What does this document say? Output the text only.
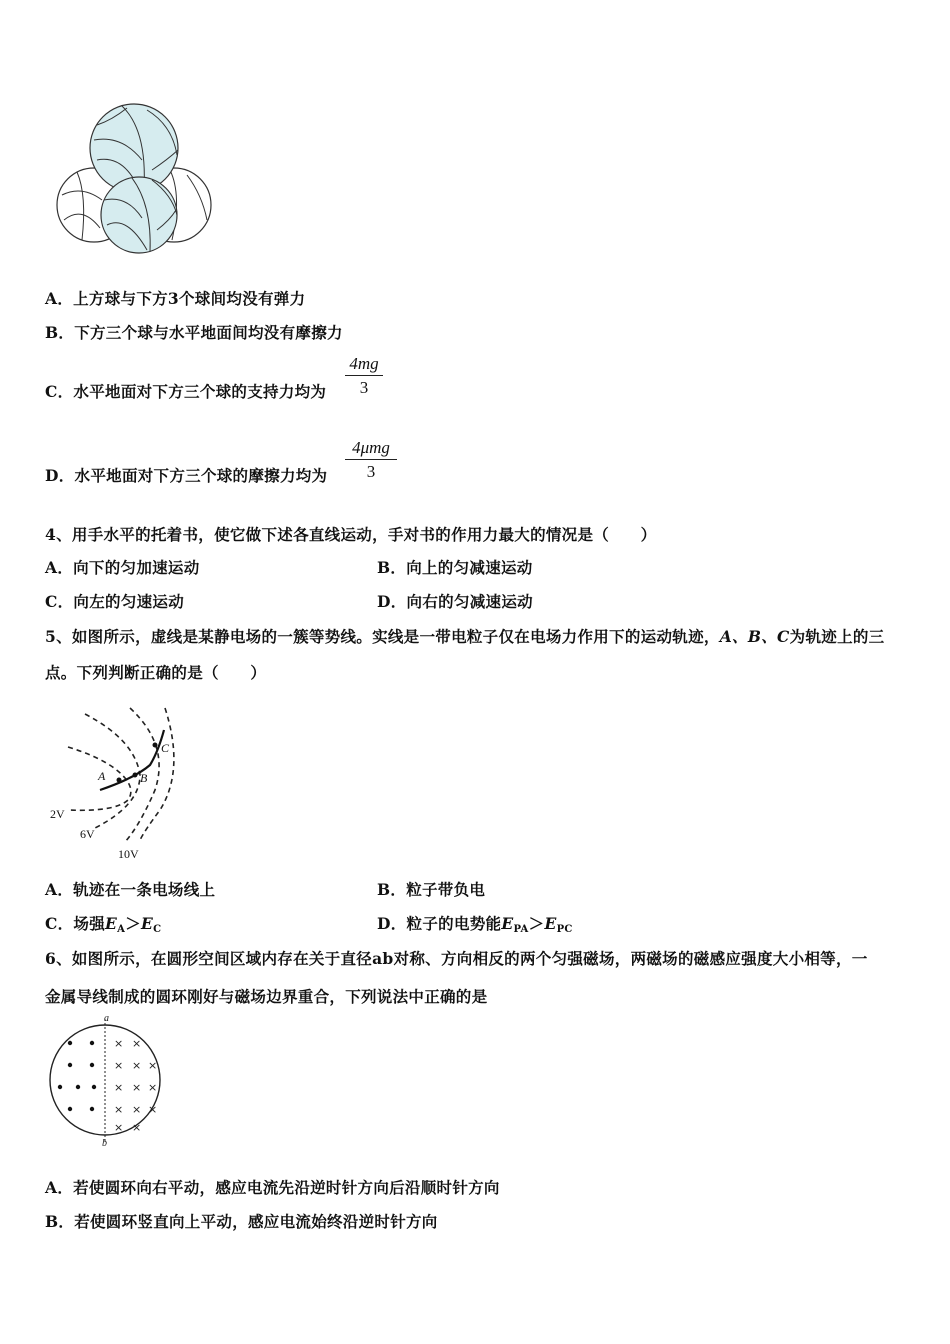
A．上方球与下方3个球间均没有弹力
B．下方三个球与水平地面间均没有摩擦力
C．水平地面对下方三个球的支持力均为 $\frac{4mg}{3}$
D．水平地面对下方三个球的摩擦力均为
4μmg
3
4、用手水平的托着书，使它做下述各直线运动，手对书的作用力最大的情况是（　　）
A．向下的匀加速运动	B．向上的匀减速运动
C．向左的匀速运动	D．向右的匀减速运动
5、如图所示，虚线是某静电场的一簇等势线。实线是一带电粒子仅在电场力作用下的运动轨迹，A、B、C为轨迹上的三
点。下列判断正确的是（　　）
A	B
C
2V
6V
10V
A．轨迹在一条电场线上	B．粒子带负电
C．场强$E_A>E_C$	D．粒子的电势能$E_{PA}>E_{PC}$
6、如图所示，在圆形空间区域内存在关于直径ab对称、方向相反的两个匀强磁场，两磁场的磁感应强度大小相等，一
金属导线制成的圆环刚好与磁场边界重合，下列说法中正确的是
a
b
× ×
× × ×
× × ×
× × ×
× ×
A．若使圆环向右平动，感应电流先沿逆时针方向后沿顺时针方向
B．若使圆环竖直向上平动，感应电流始终沿逆时针方向
